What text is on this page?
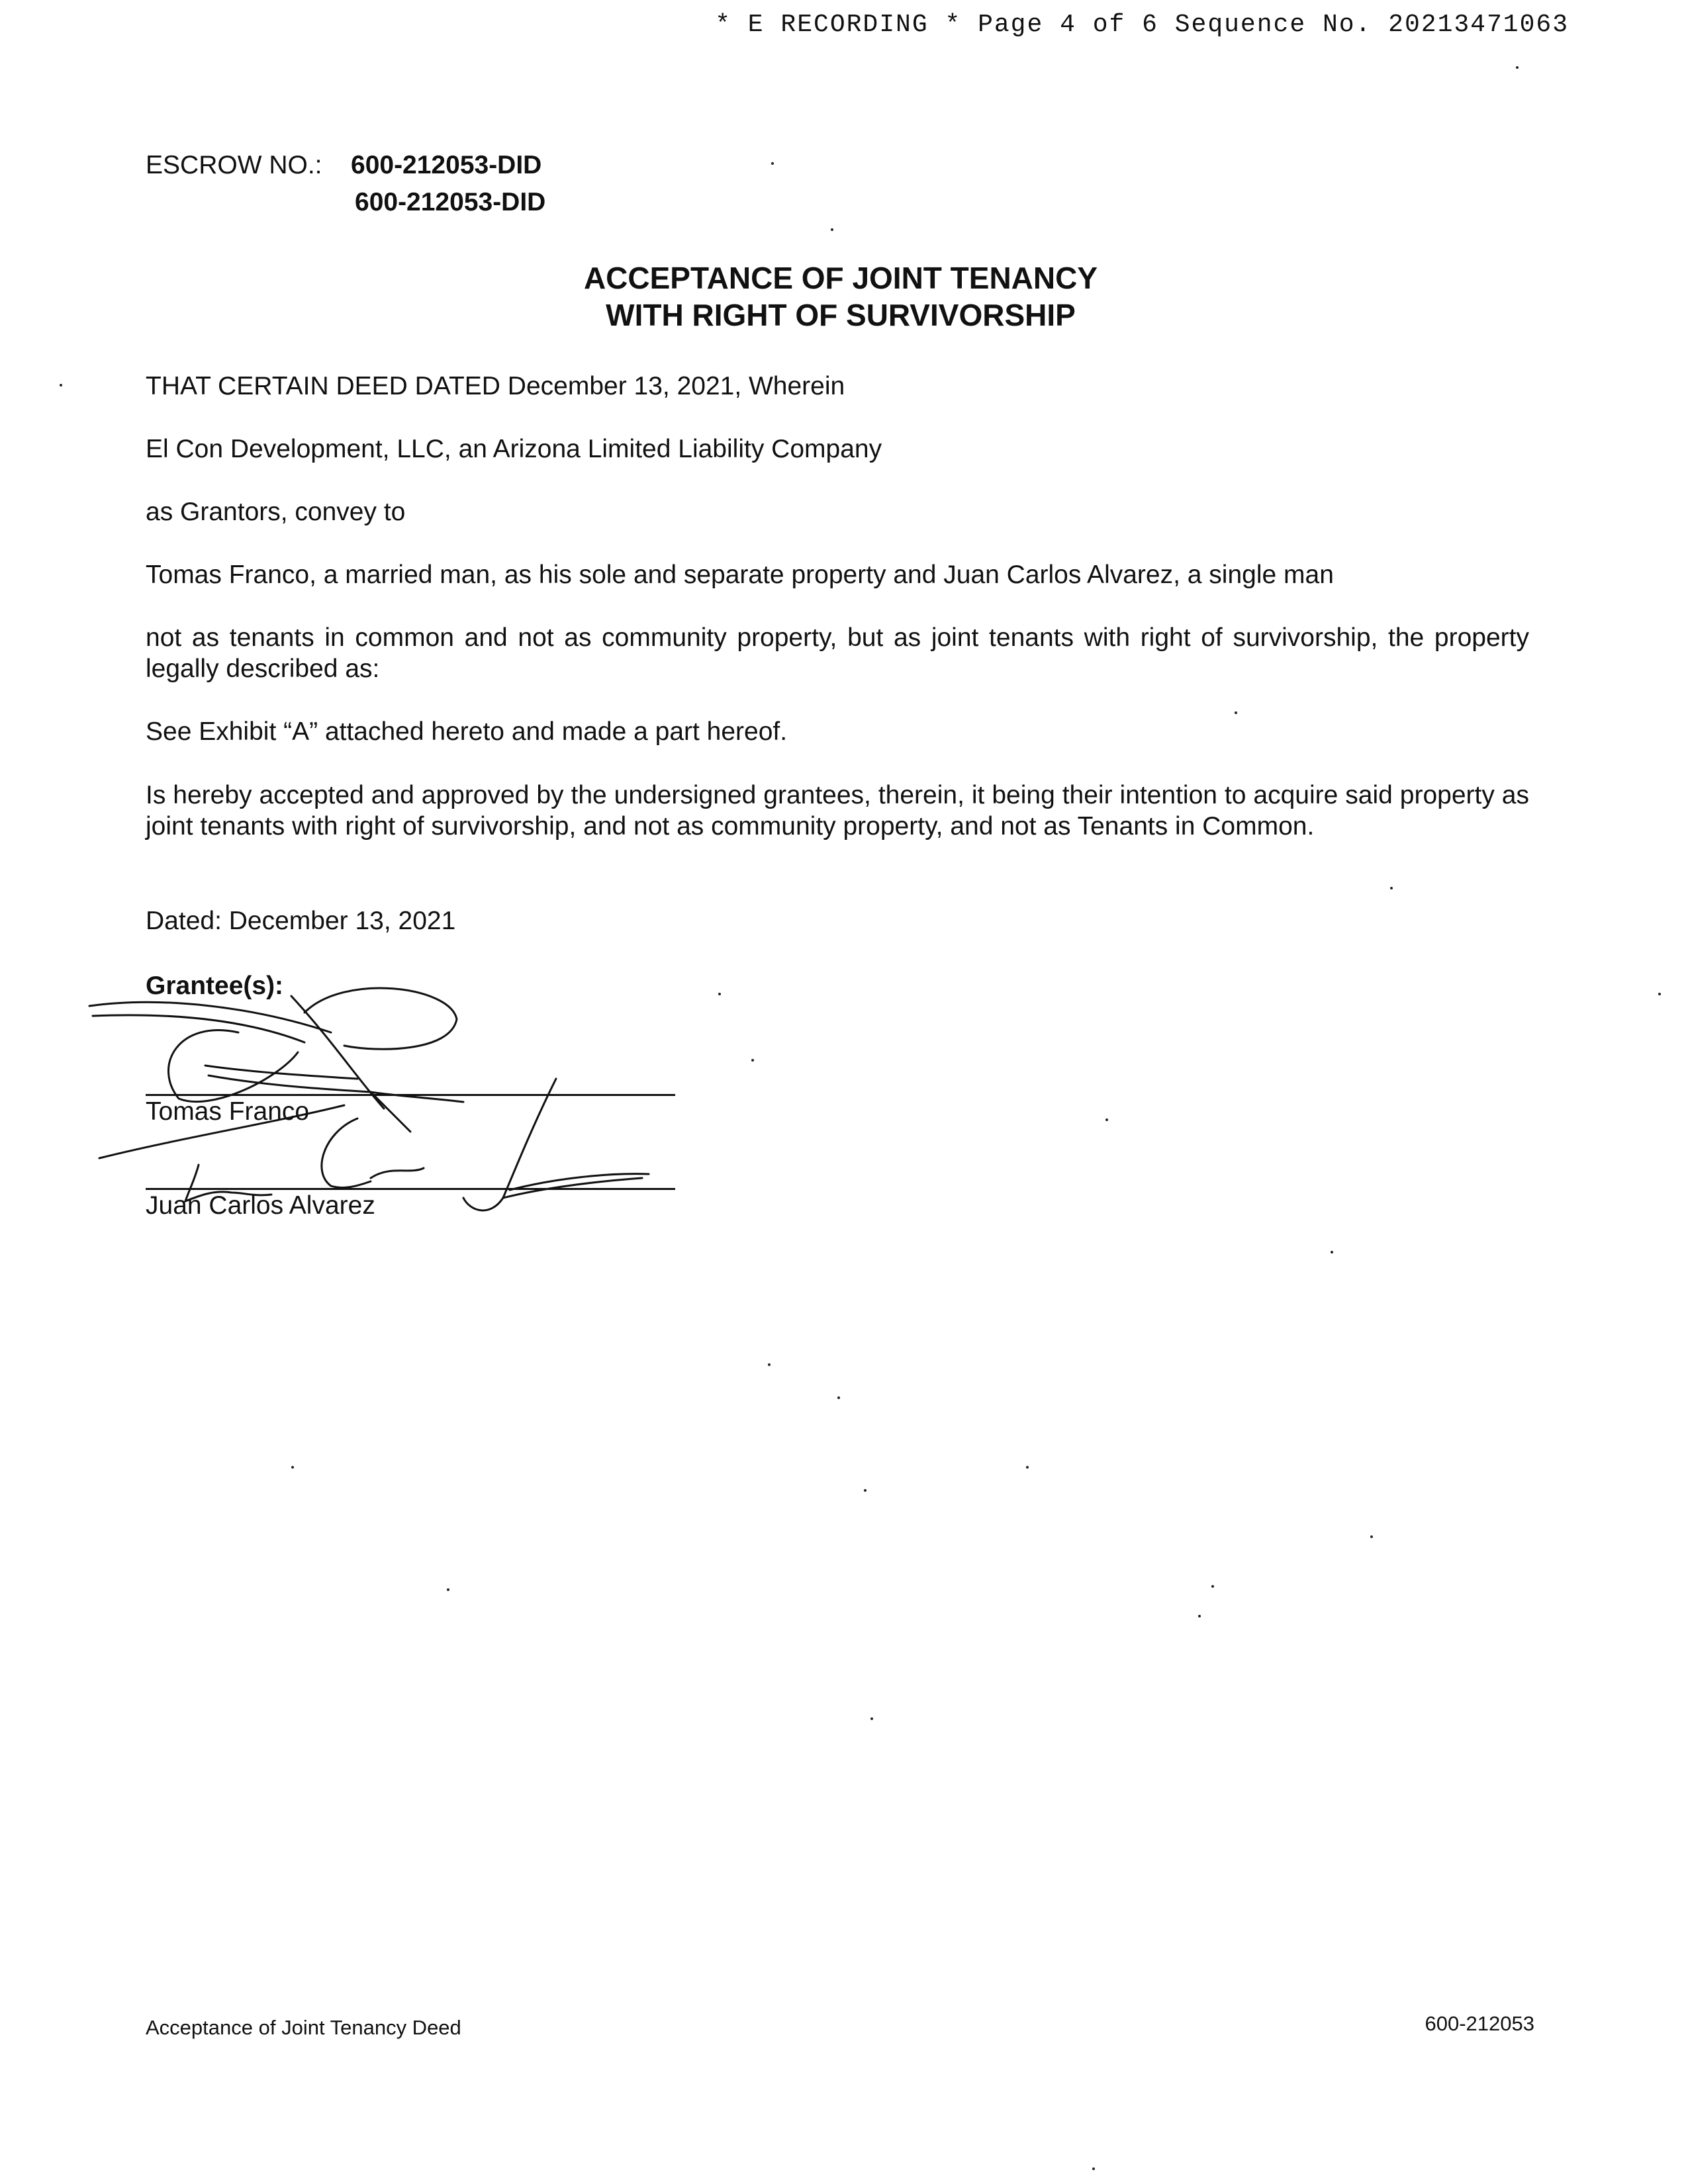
* E RECORDING * Page 4 of 6 Sequence No. 20213471063
ESCROW NO.: 600-212053-DID
600-212053-DID
ACCEPTANCE OF JOINT TENANCY
WITH RIGHT OF SURVIVORSHIP
THAT CERTAIN DEED DATED December 13, 2021, Wherein
El Con Development, LLC, an Arizona Limited Liability Company
as Grantors, convey to
Tomas Franco, a married man, as his sole and separate property and Juan Carlos Alvarez, a single man
not as tenants in common and not as community property, but as joint tenants with right of survivorship, the property legally described as:
See Exhibit “A” attached hereto and made a part hereof.
Is hereby accepted and approved by the undersigned grantees, therein, it being their intention to acquire said property as joint tenants with right of survivorship, and not as community property, and not as Tenants in Common.
Dated: December 13, 2021
Grantee(s):
Tomas Franco
Juan Carlos Alvarez
Acceptance of Joint Tenancy Deed	600-212053
